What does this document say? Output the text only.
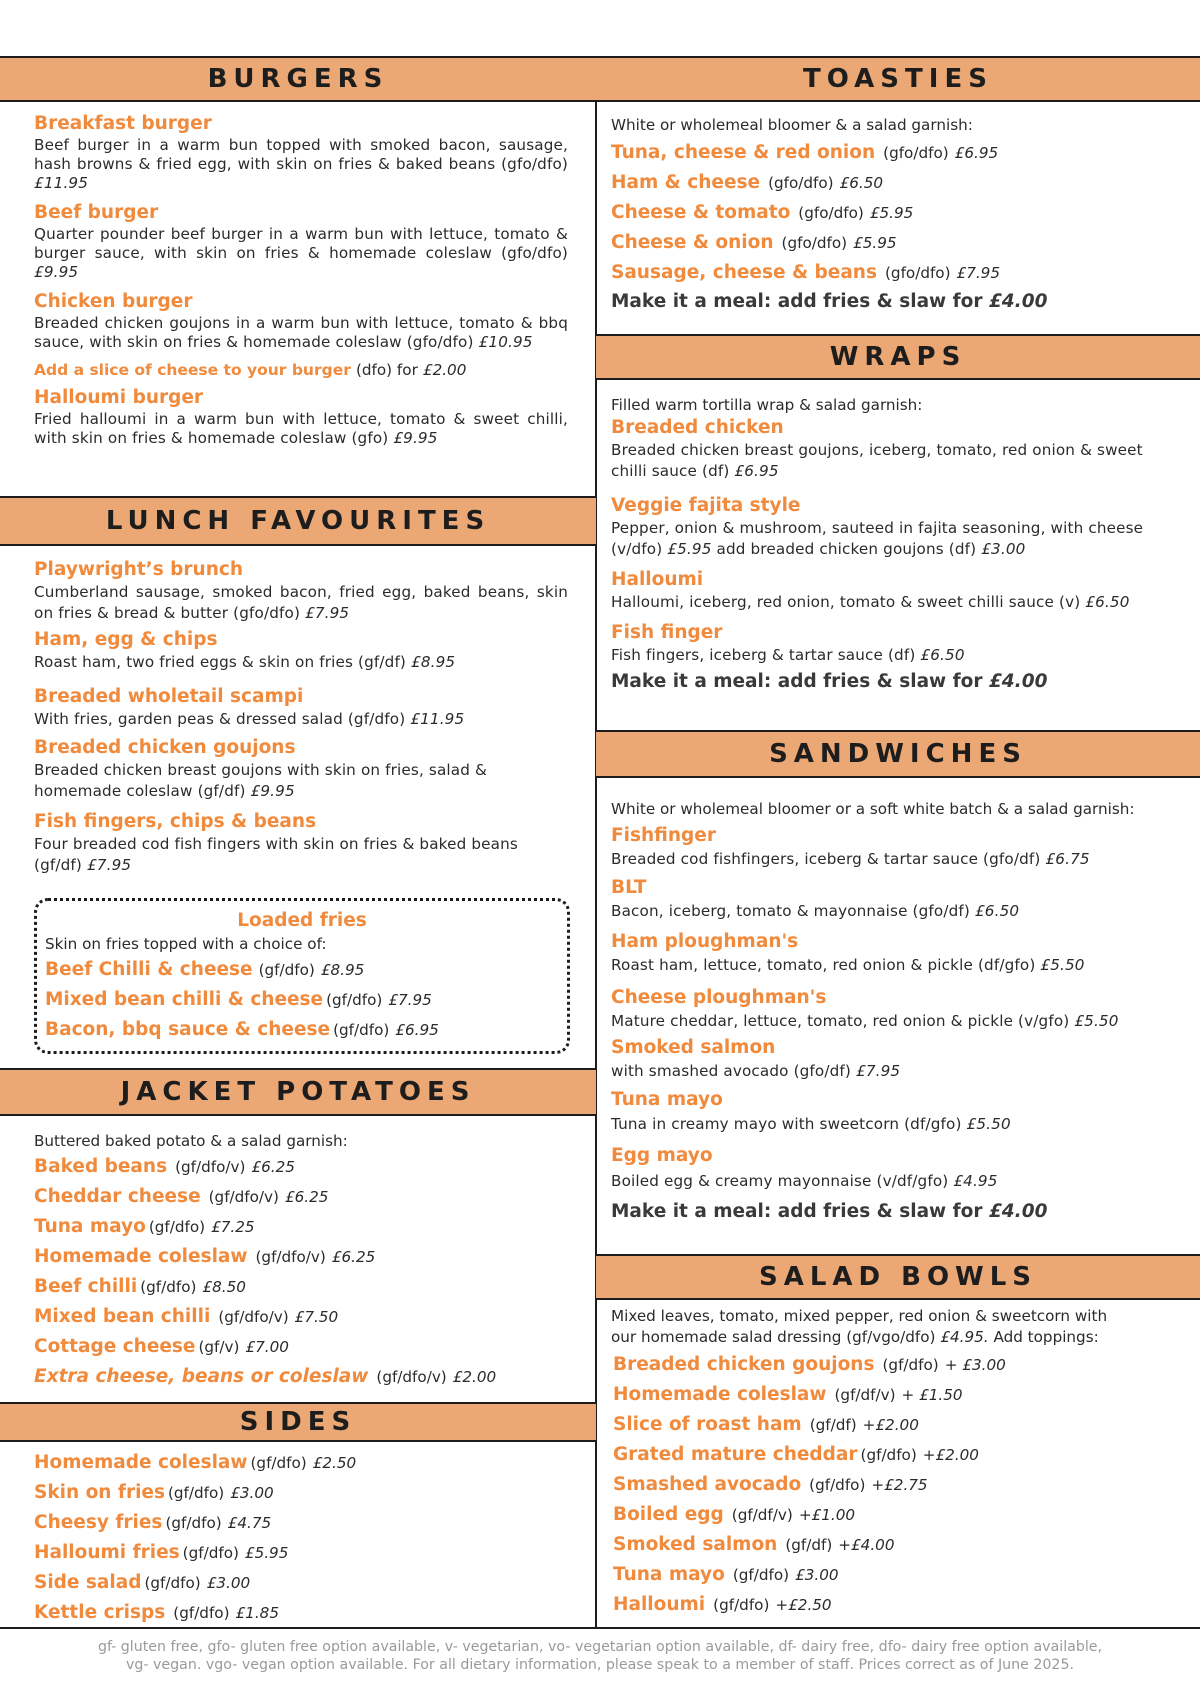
BURGERS
Breakfast burger
Beef burger in a warm bun topped with smoked bacon, sausage, hash browns & fried egg, with skin on fries & baked beans (gfo/dfo) £11.95
Beef burger
Quarter pounder beef burger in a warm bun with lettuce, tomato & burger sauce, with skin on fries & homemade coleslaw (gfo/dfo) £9.95
Chicken burger
Breaded chicken goujons in a warm bun with lettuce, tomato & bbq sauce, with skin on fries & homemade coleslaw (gfo/dfo) £10.95
Add a slice of cheese to your burger (dfo) for £2.00
Halloumi burger
Fried halloumi in a warm bun with lettuce, tomato & sweet chilli, with skin on fries & homemade coleslaw (gfo) £9.95
LUNCH FAVOURITES
Playwright’s brunch
Cumberland sausage, smoked bacon, fried egg, baked beans, skin on fries & bread & butter (gfo/dfo) £7.95
Ham, egg & chips
Roast ham, two fried eggs & skin on fries (gf/df) £8.95
Breaded wholetail scampi
With fries, garden peas & dressed salad (gf/dfo) £11.95
Breaded chicken goujons
Breaded chicken breast goujons with skin on fries, salad & homemade coleslaw (gf/df) £9.95
Fish fingers, chips & beans
Four breaded cod fish fingers with skin on fries & baked beans (gf/df) £7.95
Loaded fries
Skin on fries topped with a choice of:
Beef Chilli & cheese (gf/dfo) £8.95
Mixed bean chilli & cheese (gf/dfo) £7.95
Bacon, bbq sauce & cheese (gf/dfo) £6.95
JACKET POTATOES
Buttered baked potato & a salad garnish:
Baked beans (gf/dfo/v) £6.25
Cheddar cheese (gf/dfo/v) £6.25
Tuna mayo (gf/dfo) £7.25
Homemade coleslaw (gf/dfo/v) £6.25
Beef chilli (gf/dfo) £8.50
Mixed bean chilli (gf/dfo/v) £7.50
Cottage cheese (gf/v) £7.00
Extra cheese, beans or coleslaw (gf/dfo/v) £2.00
SIDES
Homemade coleslaw (gf/dfo) £2.50
Skin on fries (gf/dfo) £3.00
Cheesy fries (gf/dfo) £4.75
Halloumi fries (gf/dfo) £5.95
Side salad (gf/dfo) £3.00
Kettle crisps (gf/dfo) £1.85
TOASTIES
White or wholemeal bloomer & a salad garnish:
Tuna, cheese & red onion (gfo/dfo) £6.95
Ham & cheese (gfo/dfo) £6.50
Cheese & tomato (gfo/dfo) £5.95
Cheese & onion (gfo/dfo) £5.95
Sausage, cheese & beans (gfo/dfo) £7.95
Make it a meal: add fries & slaw for £4.00
WRAPS
Filled warm tortilla wrap & salad garnish:
Breaded chicken
Breaded chicken breast goujons, iceberg, tomato, red onion & sweet chilli sauce (df) £6.95
Veggie fajita style
Pepper, onion & mushroom, sauteed in fajita seasoning, with cheese (v/dfo) £5.95 add breaded chicken goujons (df) £3.00
Halloumi
Halloumi, iceberg, red onion, tomato & sweet chilli sauce (v) £6.50
Fish finger
Fish fingers, iceberg & tartar sauce (df) £6.50
Make it a meal: add fries & slaw for £4.00
SANDWICHES
White or wholemeal bloomer or a soft white batch & a salad garnish:
Fishfinger
Breaded cod fishfingers, iceberg & tartar sauce (gfo/df) £6.75
BLT
Bacon, iceberg, tomato & mayonnaise (gfo/df) £6.50
Ham ploughman's
Roast ham, lettuce, tomato, red onion & pickle (df/gfo) £5.50
Cheese ploughman's
Mature cheddar, lettuce, tomato, red onion & pickle (v/gfo) £5.50
Smoked salmon
with smashed avocado (gfo/df) £7.95
Tuna mayo
Tuna in creamy mayo with sweetcorn (df/gfo) £5.50
Egg mayo
Boiled egg & creamy mayonnaise (v/df/gfo) £4.95
Make it a meal: add fries & slaw for £4.00
SALAD BOWLS
Mixed leaves, tomato, mixed pepper, red onion & sweetcorn with
our homemade salad dressing (gf/vgo/dfo) £4.95. Add toppings:
Breaded chicken goujons (gf/dfo) + £3.00
Homemade coleslaw (gf/df/v) + £1.50
Slice of roast ham (gf/df) +£2.00
Grated mature cheddar (gf/dfo) +£2.00
Smashed avocado (gf/dfo) +£2.75
Boiled egg (gf/df/v) +£1.00
Smoked salmon (gf/df) +£4.00
Tuna mayo (gf/dfo) £3.00
Halloumi (gf/dfo) +£2.50
gf- gluten free, gfo- gluten free option available, v- vegetarian, vo- vegetarian option available, df- dairy free, dfo- dairy free option available,
vg- vegan. vgo- vegan option available. For all dietary information, please speak to a member of staff. Prices correct as of June 2025.
